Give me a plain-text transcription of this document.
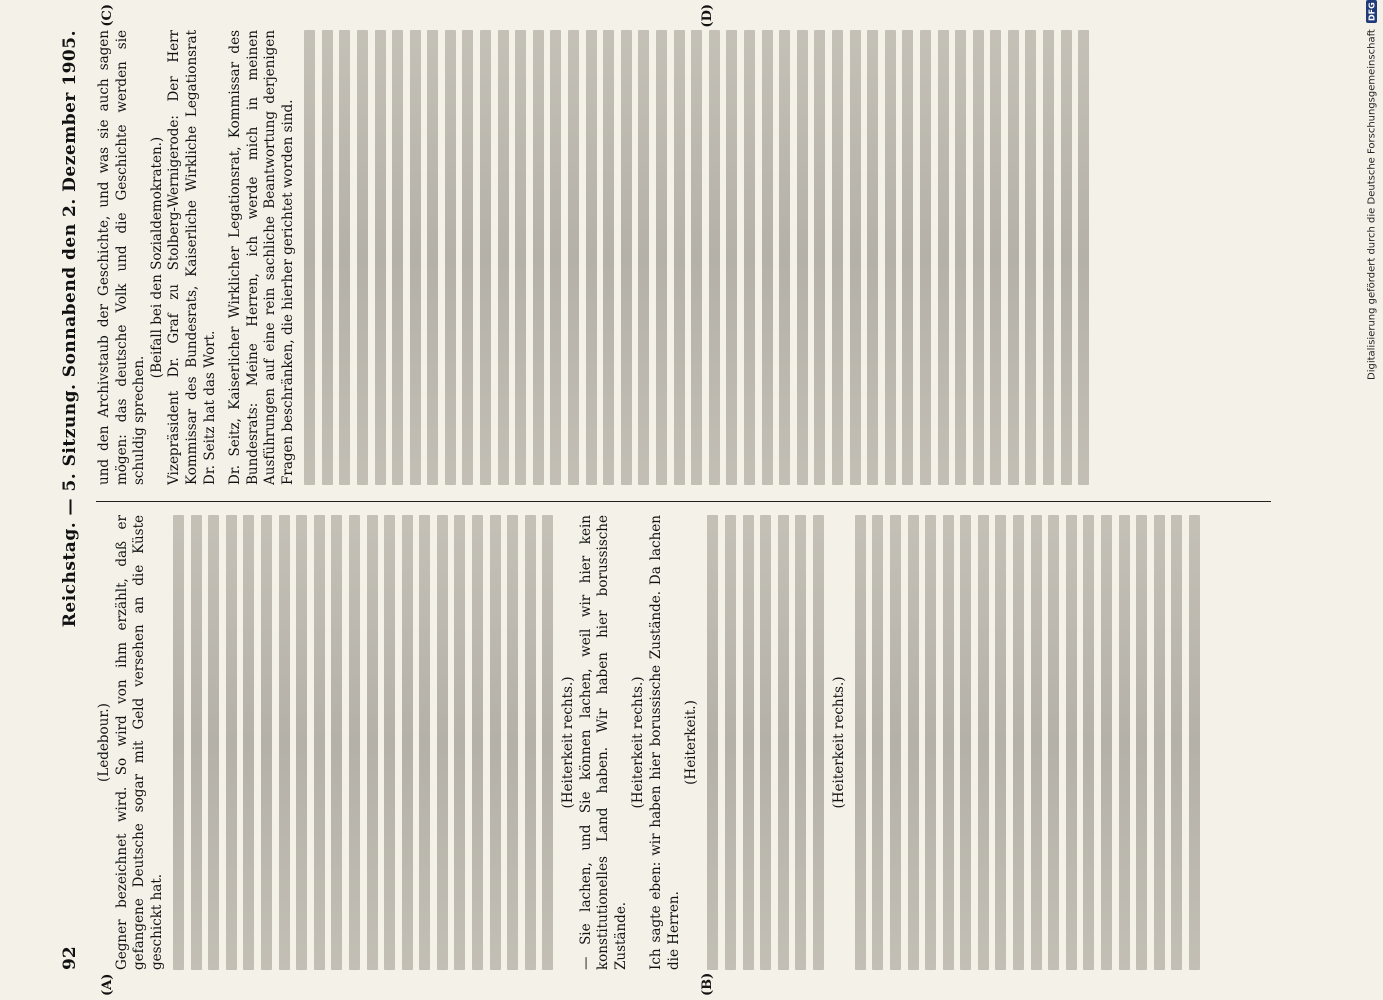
92
Reichstag. — 5. Sitzung. Sonnabend den 2. Dezember 1905.

(Ledebour.) Gegner bezeichnet wird. So wird von ihm erzählt, daß er gefangene Deutsche sogar mit Geld versehen an die Küste geschickt hat.

(Heiterkeit rechts.) — Sie lachen, und Sie können lachen, weil wir hier kein konstitutionelles Land haben. Wir haben hier borussische Zustände.

(Heiterkeit rechts.) Ich sagte eben: wir haben hier borussische Zustände. Da lachen die Herren.

(Heiterkeit.)	(Heiterkeit rechts.)

und den Archivstaub der Geschichte, und was sie auch sagen mögen: das deutsche Volk und die Geschichte werden sie schuldig sprechen.

(Beifall bei den Sozialdemokraten.) Vizepräsident Dr. Graf zu Stolberg-Wernigerode: Der Herr Kommissar des Bundesrats, Kaiserliche Wirkliche Legationsrat Dr. Seitz hat das Wort. Dr. Seitz, Kaiserlicher Wirklicher Legationsrat, Kommissar des Bundesrats: Meine Herren, ich werde mich in meinen Ausführungen auf eine rein sachliche Beantwortung derjenigen Fragen beschränken, die hierher gerichtet worden sind.

(A)	(B)
(C)	(D)
Digitalisierung gefördert durch die Deutsche Forschungsgemeinschaft
DFG
